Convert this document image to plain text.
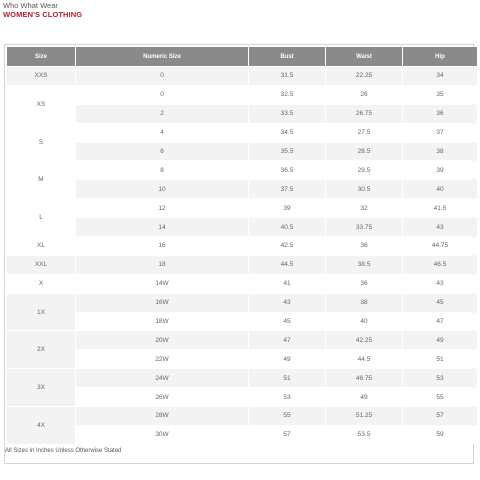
Who What Wear
WOMEN'S CLOTHING
Size	Numeric Size	Bust	Waist	Hip
XXS	0	31.5	22.25	34
XS	0	32.5	26	35
	2	33.5	26.75	36
S	4	34.5	27.5	37
	6	35.5	28.5	38
M	8	36.5	29.5	39
	10	37.5	30.5	40
L	12	39	32	41.5
	14	40.5	33.75	43
XL	16	42.5	36	44.75
XXL	18	44.5	38.5	46.5
X	14W	41	36	43
1X	16W	43	38	45
	18W	45	40	47
2X	20W	47	42.25	49
	22W	49	44.5	51
3X	24W	51	46.75	53
	26W	53	49	55
4X	28W	55	51.25	57
	30W	57	53.5	59
All Sizes in Inches Unless Otherwise Stated
